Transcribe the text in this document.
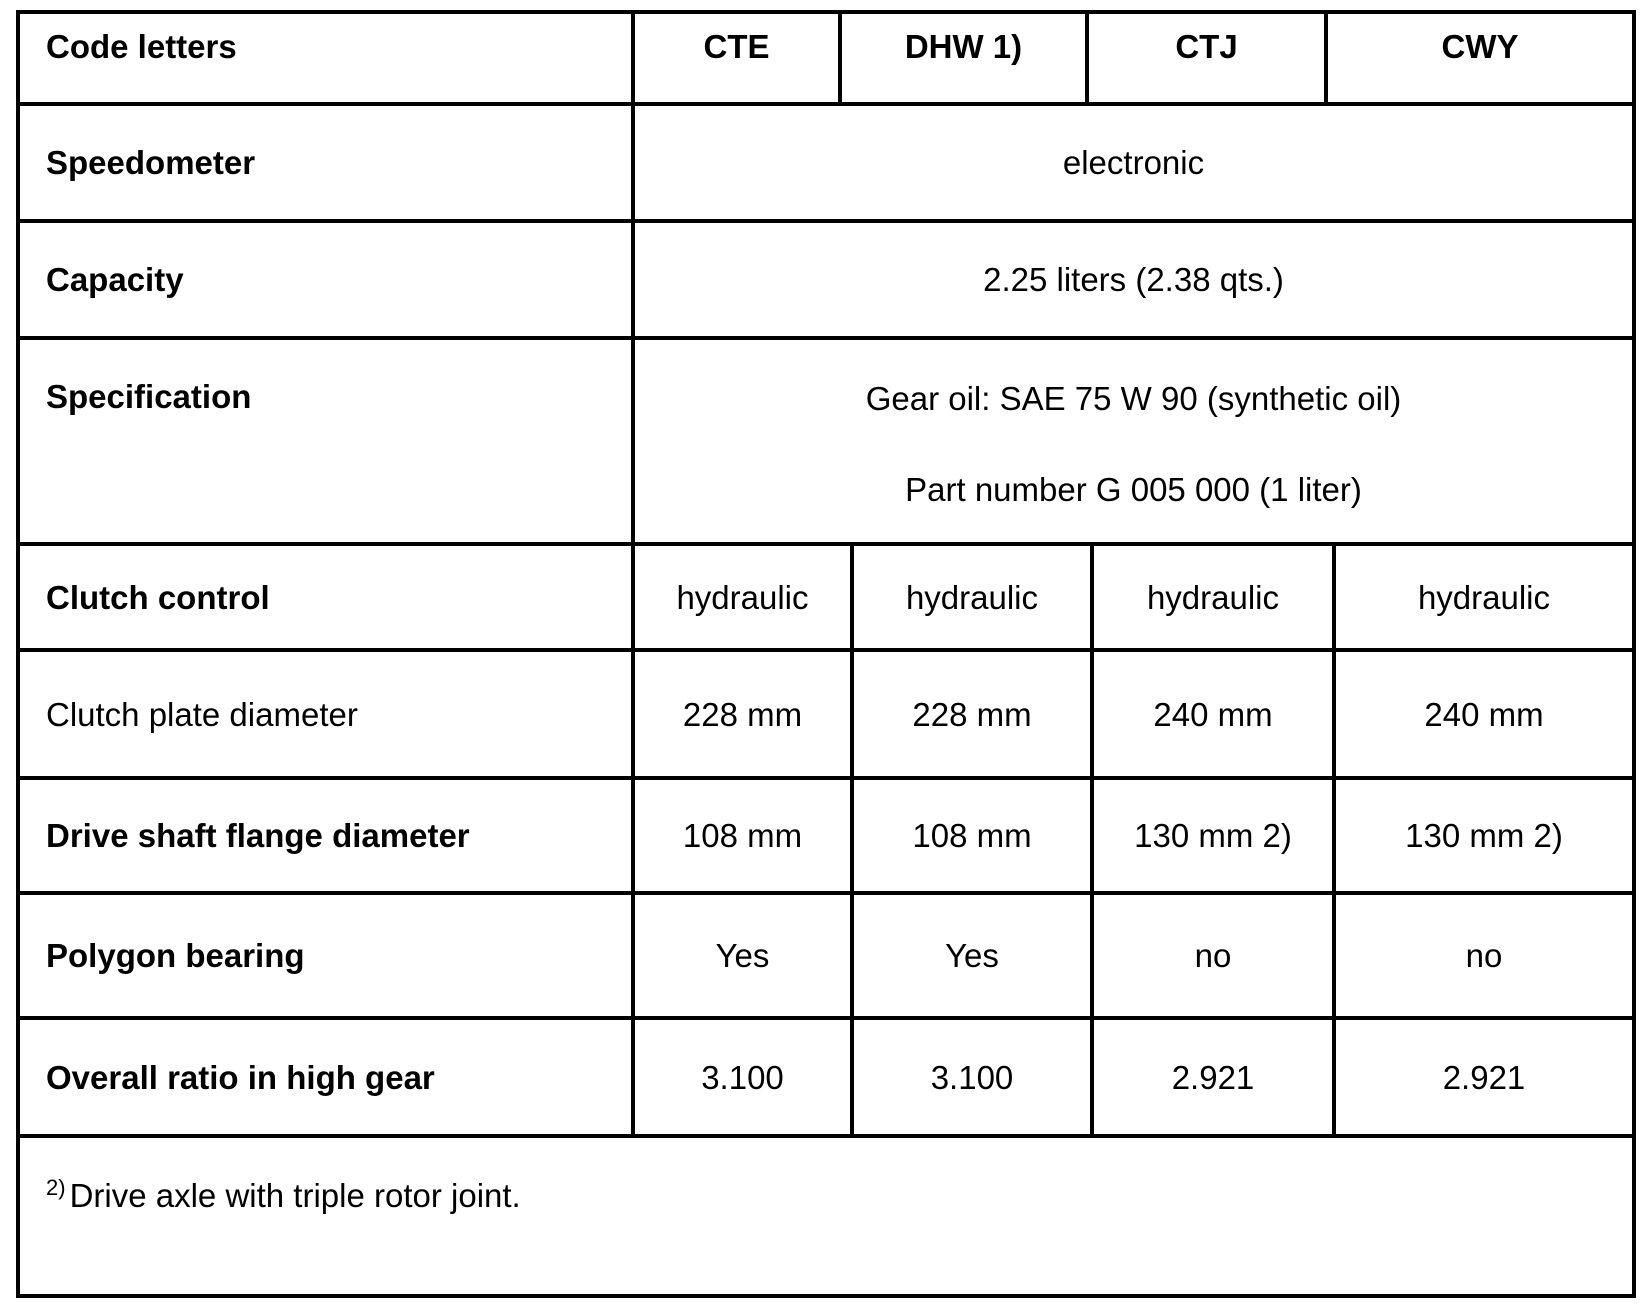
Code letters	CTE	DHW 1)	CTJ	CWY
Speedometer	electronic
Capacity	2.25 liters (2.38 qts.)
Specification	Gear oil: SAE 75 W 90 (synthetic oil)
Part number G 005 000 (1 liter)
Clutch control	hydraulic	hydraulic	hydraulic	hydraulic
Clutch plate diameter	228 mm	228 mm	240 mm	240 mm
Drive shaft flange diameter	108 mm	108 mm	130 mm 2)	130 mm 2)
Polygon bearing	Yes	Yes	no	no
Overall ratio in high gear	3.100	3.100	2.921	2.921
$^{2)}$ Drive axle with triple rotor joint.
